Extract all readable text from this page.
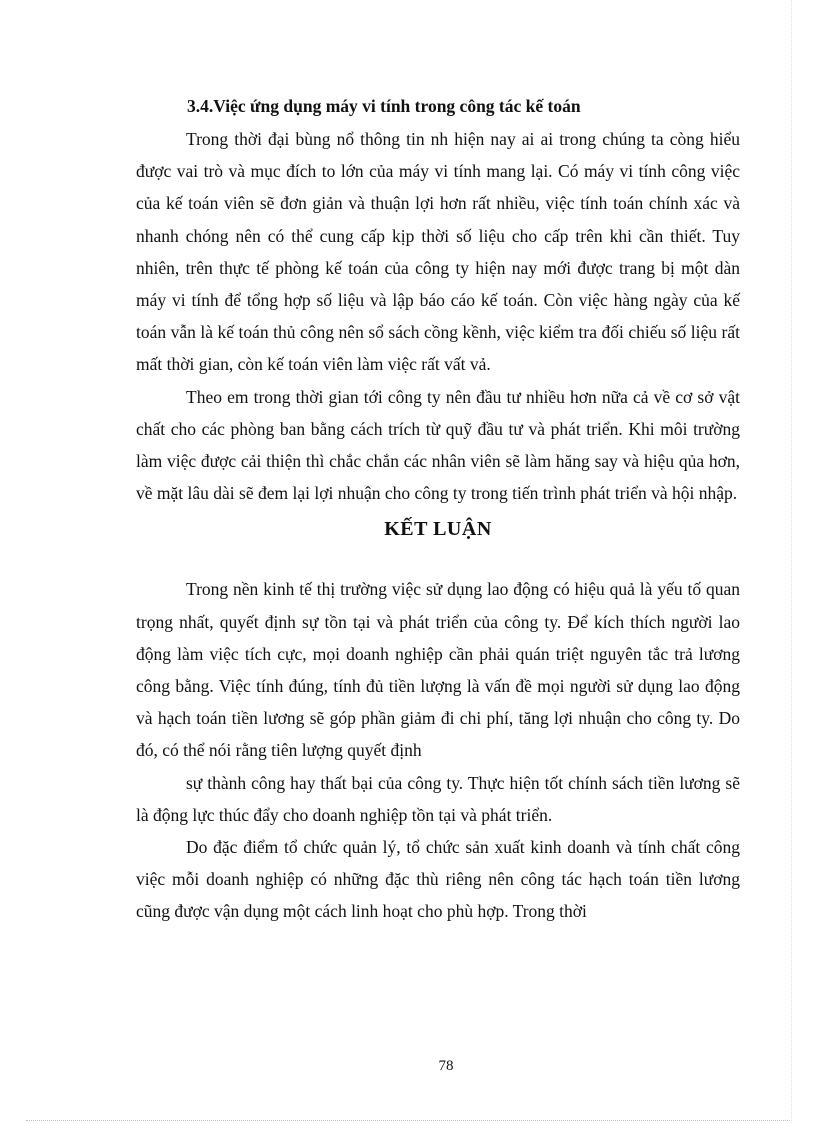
3.4.Việc ứng dụng máy vi tính trong công tác kế toán

Trong thời đại bùng nổ thông tin nh hiện nay ai ai trong chúng ta còng hiểu được vai trò và mục đích to lớn của máy vi tính mang lại. Có máy vi tính công việc của kế toán viên sẽ đơn giản và thuận lợi hơn rất nhiều, việc tính toán chính xác và nhanh chóng nên có thể cung cấp kịp thời số liệu cho cấp trên khi cần thiết. Tuy nhiên, trên thực tế phòng kế toán của công ty hiện nay mới được trang bị một dàn máy vi tính để tổng hợp số liệu và lập báo cáo kế toán. Còn việc hàng ngày của kế toán vẫn là kế toán thủ công nên sổ sách cồng kềnh, việc kiểm tra đối chiếu số liệu rất mất thời gian, còn kế toán viên làm việc rất vất vả.

Theo em trong thời gian tới công ty nên đầu tư nhiều hơn nữa cả về cơ sở vật chất cho các phòng ban bằng cách trích từ quỹ đầu tư và phát triển. Khi môi trường làm việc được cải thiện thì chắc chắn các nhân viên sẽ làm hăng say và hiệu qủa hơn, về mặt lâu dài sẽ đem lại lợi nhuận cho công ty trong tiến trình phát triển và hội nhập.

KẾT LUẬN

Trong nền kinh tế thị trường việc sử dụng lao động có hiệu quả là yếu tố quan trọng nhất, quyết định sự tồn tại và phát triển của công ty. Để kích thích người lao động làm việc tích cực, mọi doanh nghiệp cần phải quán triệt nguyên tắc trả lương công bằng. Việc tính đúng, tính đủ tiền lượng là vấn đề mọi người sử dụng lao động và hạch toán tiền lương sẽ góp phần giảm đi chi phí, tăng lợi nhuận cho công ty. Do đó, có thể nói rằng tiên lượng quyết định

sự thành công hay thất bại của công ty. Thực hiện tốt chính sách tiền lương sẽ là động lực thúc đẩy cho doanh nghiệp tồn tại và phát triển.

Do đặc điểm tổ chức quản lý, tổ chức sản xuất kinh doanh và tính chất công việc mỗi doanh nghiệp có những đặc thù riêng nên công tác hạch toán tiền lương cũng được vận dụng một cách linh hoạt cho phù hợp. Trong thời

78
